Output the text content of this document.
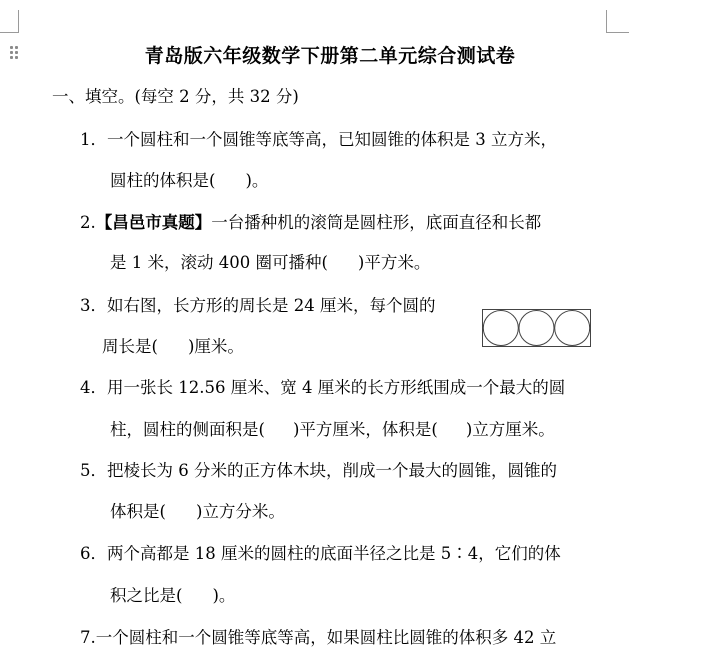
青岛版六年级数学下册第二单元综合测试卷
一、填空。(每空 2 分，共 32 分)
1．一个圆柱和一个圆锥等底等高，已知圆锥的体积是 3 立方米，
圆柱的体积是( )。
2.【昌邑市真题】一台播种机的滚筒是圆柱形，底面直径和长都
是 1 米，滚动 400 圈可播种( )平方米。
3．如右图，长方形的周长是 24 厘米，每个圆的
周长是( )厘米。
4．用一张长 12.56 厘米、宽 4 厘米的长方形纸围成一个最大的圆
柱，圆柱的侧面积是( )平方厘米，体积是( )立方厘米。
5．把棱长为 6 分米的正方体木块，削成一个最大的圆锥，圆锥的
体积是( )立方分米。
6．两个高都是 18 厘米的圆柱的底面半径之比是 5∶4，它们的体
积之比是( )。
7.一个圆柱和一个圆锥等底等高，如果圆柱比圆锥的体积多 42 立
